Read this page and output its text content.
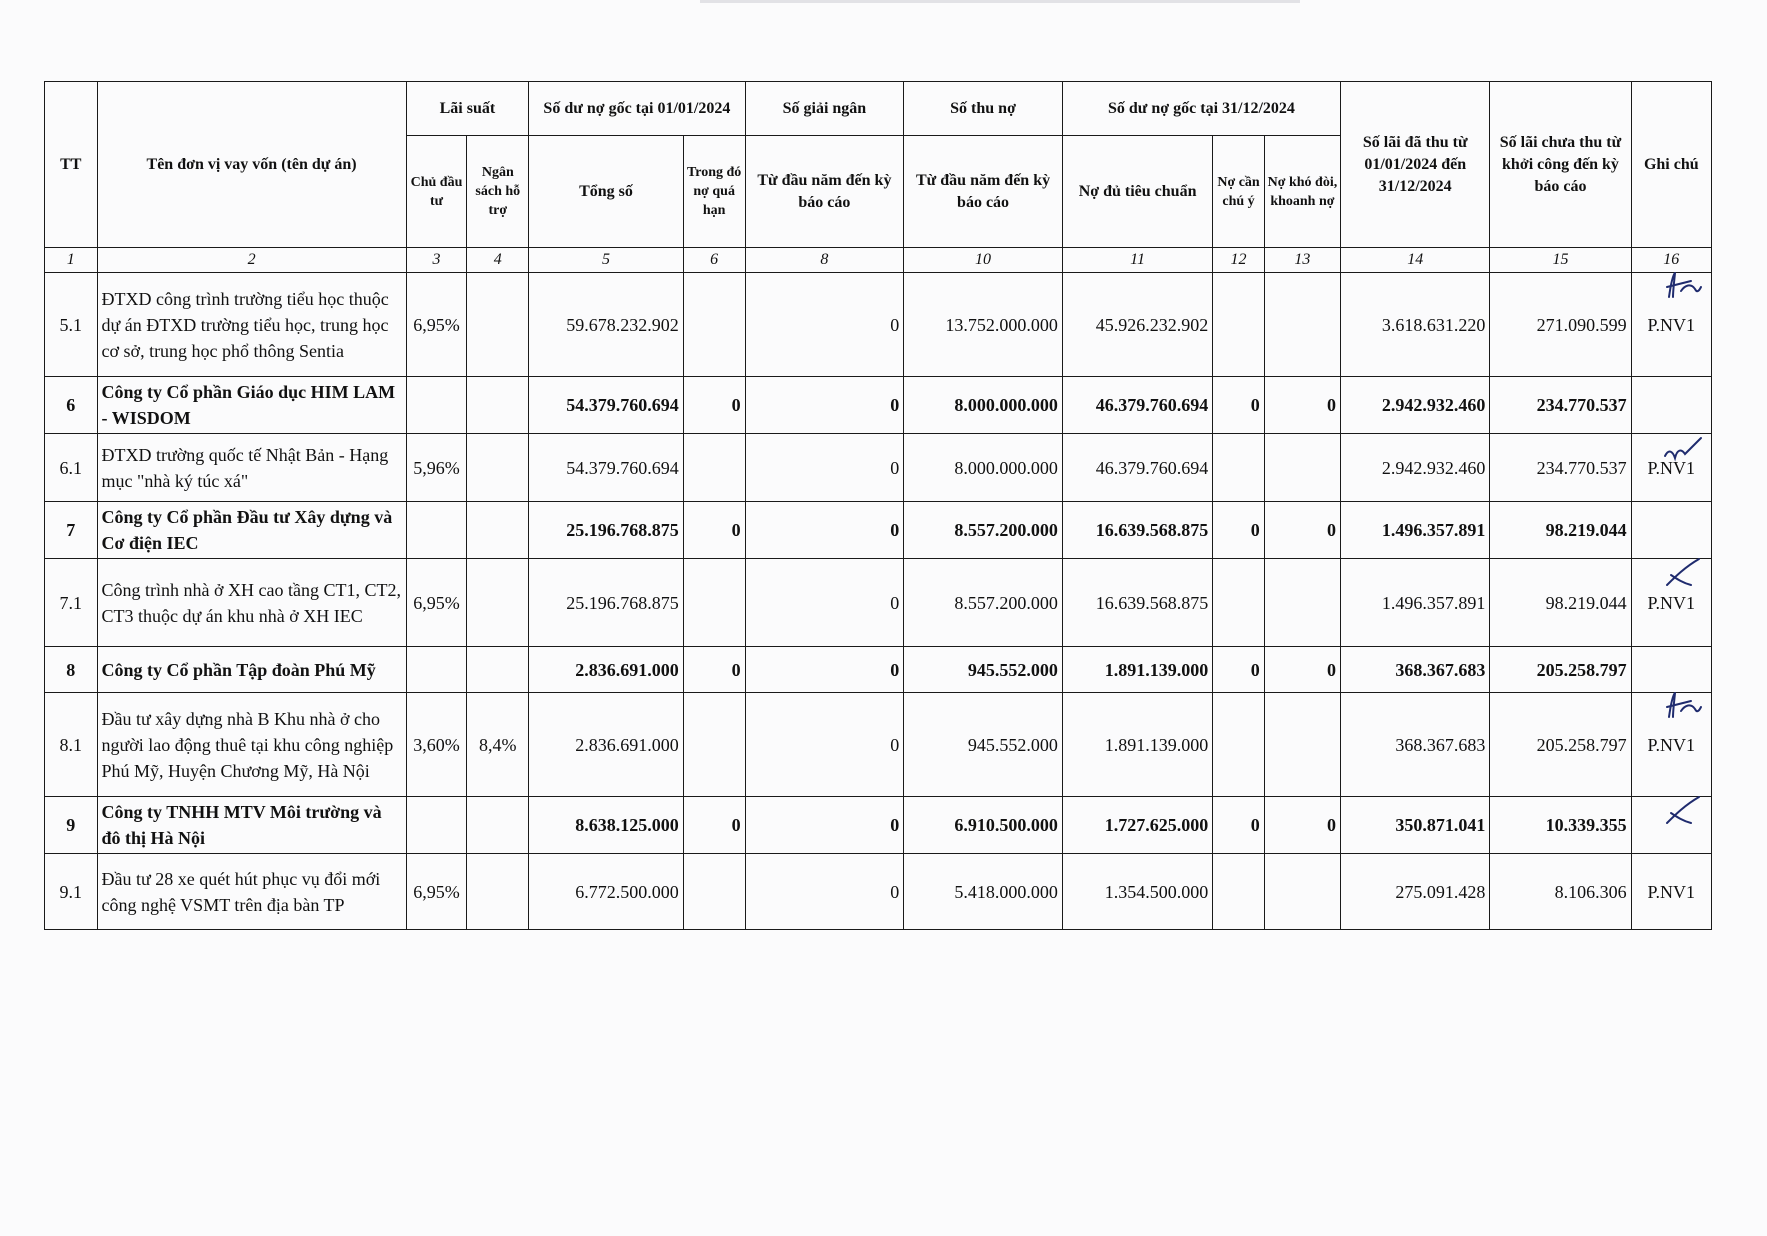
TT	Tên đơn vị vay vốn (tên dự án)	Lãi suất		Số dư nợ gốc tại 01/01/2024		Số giải ngân	Số thu nợ	Số dư nợ gốc tại 31/12/2024			Số lãi đã thu từ 01/01/2024 đến 31/12/2024	Số lãi chưa thu từ khởi công đến kỳ báo cáo	Ghi chú
		Chủ đầu tư	Ngân sách hỗ trợ	Tổng số	Trong đó nợ quá hạn	Từ đầu năm đến kỳ báo cáo	Từ đầu năm đến kỳ báo cáo	Nợ đủ tiêu chuẩn	Nợ cần chú ý	Nợ khó đòi, khoanh nợ			
1	2	3	4	5	6	8	10	11	12	13	14	15	16
5.1	ĐTXD công trình trường tiểu học thuộc dự án ĐTXD trường tiểu học, trung học cơ sở, trung học phổ thông Sentia	6,95%		59.678.232.902		0	13.752.000.000	45.926.232.902			3.618.631.220	271.090.599	P.NV1

6	Công ty Cổ phần Giáo dục HIM LAM - WISDOM			54.379.760.694	0	0	8.000.000.000	46.379.760.694	0	0	2.942.932.460	234.770.537	
6.1	ĐTXD trường quốc tế Nhật Bản - Hạng mục "nhà ký túc xá"	5,96%		54.379.760.694		0	8.000.000.000	46.379.760.694			2.942.932.460	234.770.537	P.NV1

7	Công ty Cổ phần Đầu tư Xây dựng và Cơ điện IEC			25.196.768.875	0	0	8.557.200.000	16.639.568.875	0	0	1.496.357.891	98.219.044	
7.1	Công trình nhà ở XH cao tầng CT1, CT2, CT3 thuộc dự án khu nhà ở XH IEC	6,95%		25.196.768.875		0	8.557.200.000	16.639.568.875			1.496.357.891	98.219.044	P.NV1

8	Công ty Cổ phần Tập đoàn Phú Mỹ			2.836.691.000	0	0	945.552.000	1.891.139.000	0	0	368.367.683	205.258.797	
8.1	Đầu tư xây dựng nhà B Khu nhà ở cho người lao động thuê tại khu công nghiệp Phú Mỹ, Huyện Chương Mỹ, Hà Nội	3,60%	8,4%	2.836.691.000		0	945.552.000	1.891.139.000			368.367.683	205.258.797	P.NV1

9	Công ty TNHH MTV Môi trường và đô thị Hà Nội			8.638.125.000	0	0	6.910.500.000	1.727.625.000	0	0	350.871.041	10.339.355	

9.1	Đầu tư 28 xe quét hút phục vụ đổi mới công nghệ VSMT trên địa bàn TP	6,95%		6.772.500.000		0	5.418.000.000	1.354.500.000			275.091.428	8.106.306	P.NV1
